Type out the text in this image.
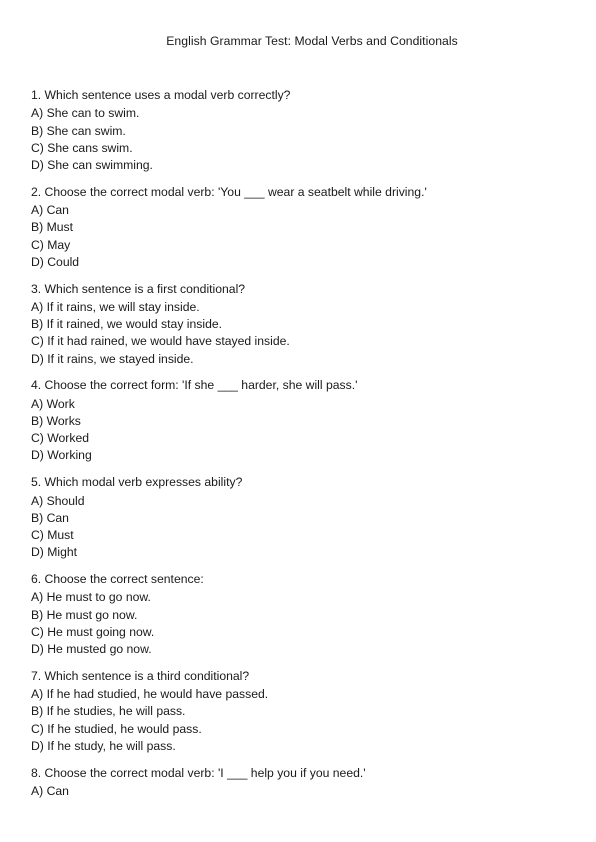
English Grammar Test: Modal Verbs and Conditionals
1. Which sentence uses a modal verb correctly?
A) She can to swim.
B) She can swim.
C) She cans swim.
D) She can swimming.
2. Choose the correct modal verb: 'You ___ wear a seatbelt while driving.'
A) Can
B) Must
C) May
D) Could
3. Which sentence is a first conditional?
A) If it rains, we will stay inside.
B) If it rained, we would stay inside.
C) If it had rained, we would have stayed inside.
D) If it rains, we stayed inside.
4. Choose the correct form: 'If she ___ harder, she will pass.'
A) Work
B) Works
C) Worked
D) Working
5. Which modal verb expresses ability?
A) Should
B) Can
C) Must
D) Might
6. Choose the correct sentence:
A) He must to go now.
B) He must go now.
C) He must going now.
D) He musted go now.
7. Which sentence is a third conditional?
A) If he had studied, he would have passed.
B) If he studies, he will pass.
C) If he studied, he would pass.
D) If he study, he will pass.
8. Choose the correct modal verb: 'I ___ help you if you need.'
A) Can
